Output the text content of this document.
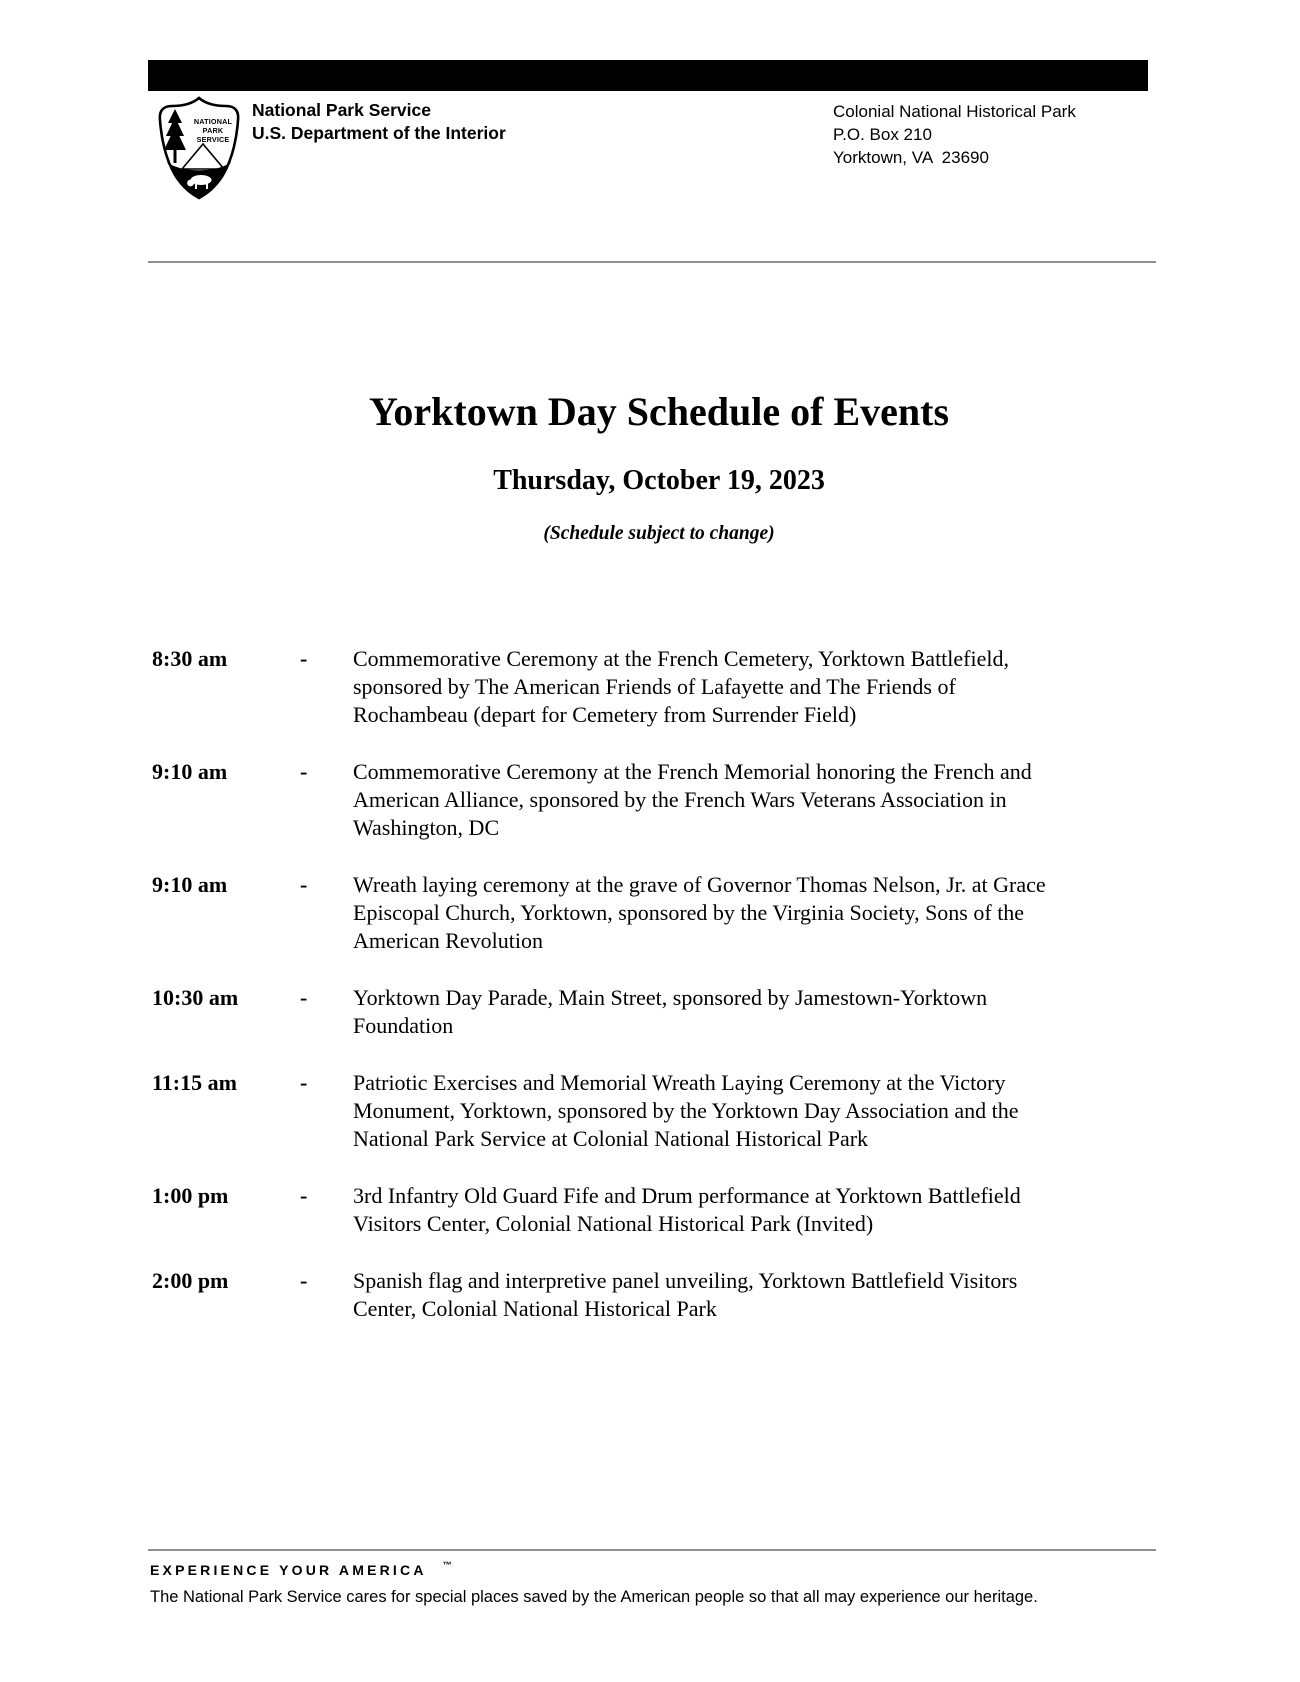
NATIONAL
PARK
SERVICE
National Park Service
U.S. Department of the Interior
Colonial National Historical Park
P.O. Box 210
Yorktown, VA  23690
Yorktown Day Schedule of Events
Thursday, October 19, 2023
(Schedule subject to change)
8:30 am	-	Commemorative Ceremony at the French Cemetery, Yorktown Battlefield,
sponsored by The American Friends of Lafayette and The Friends of
Rochambeau (depart for Cemetery from Surrender Field)
9:10 am	-	Commemorative Ceremony at the French Memorial honoring the French and
American Alliance, sponsored by the French Wars Veterans Association in
Washington, DC
9:10 am	-	Wreath laying ceremony at the grave of Governor Thomas Nelson, Jr. at Grace
Episcopal Church, Yorktown, sponsored by the Virginia Society, Sons of the
American Revolution
10:30 am	-	Yorktown Day Parade, Main Street, sponsored by Jamestown-Yorktown
Foundation
11:15 am	-	Patriotic Exercises and Memorial Wreath Laying Ceremony at the Victory
Monument, Yorktown, sponsored by the Yorktown Day Association and the
National Park Service at Colonial National Historical Park
1:00 pm	-	3rd Infantry Old Guard Fife and Drum performance at Yorktown Battlefield
Visitors Center, Colonial National Historical Park (Invited)
2:00 pm	-	Spanish flag and interpretive panel unveiling, Yorktown Battlefield Visitors
Center, Colonial National Historical Park
EXPERIENCE YOUR AMERICA ™
The National Park Service cares for special places saved by the American people so that all may experience our heritage.
